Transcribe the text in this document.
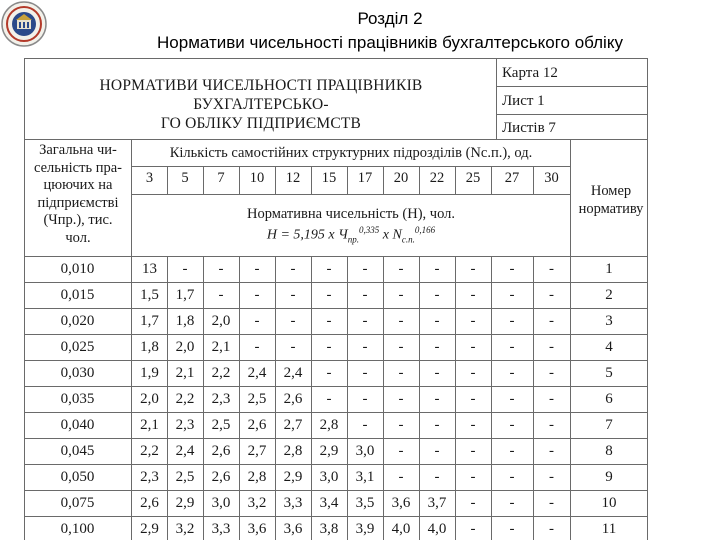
Розділ 2
Нормативи чисельності працівників бухгалтерського обліку
НОРМАТИВИ ЧИСЕЛЬНОСТІ ПРАЦІВНИКІВ БУХГАЛТЕРСЬКО-
ГО ОБЛІКУ ПІДПРИЄМСТВ
Карта 12
Лист 1
Листів 7
Загальна чи-
сельність пра-
цюючих на
підприємстві
(Чпр.), тис.
чол.
Кількість самостійних структурних підрозділів (Nс.п.), од.
Номер
нормативу
Нормативна чисельність (Н), чол.
Н = 5,195 х $Ч_{пр.}^{0,335}$ х $N_{с.п.}^{0,166}$
3	5	7	10	12	15	17	20	22	25	27	30
0,010	13	-	-	-	-	-	-	-	-	-	-	-	1
0,015	1,5	1,7	-	-	-	-	-	-	-	-	-	-	2
0,020	1,7	1,8	2,0	-	-	-	-	-	-	-	-	-	3
0,025	1,8	2,0	2,1	-	-	-	-	-	-	-	-	-	4
0,030	1,9	2,1	2,2	2,4	2,4	-	-	-	-	-	-	-	5
0,035	2,0	2,2	2,3	2,5	2,6	-	-	-	-	-	-	-	6
0,040	2,1	2,3	2,5	2,6	2,7	2,8	-	-	-	-	-	-	7
0,045	2,2	2,4	2,6	2,7	2,8	2,9	3,0	-	-	-	-	-	8
0,050	2,3	2,5	2,6	2,8	2,9	3,0	3,1	-	-	-	-	-	9
0,075	2,6	2,9	3,0	3,2	3,3	3,4	3,5	3,6	3,7	-	-	-	10
0,100	2,9	3,2	3,3	3,6	3,6	3,8	3,9	4,0	4,0	-	-	-	11
